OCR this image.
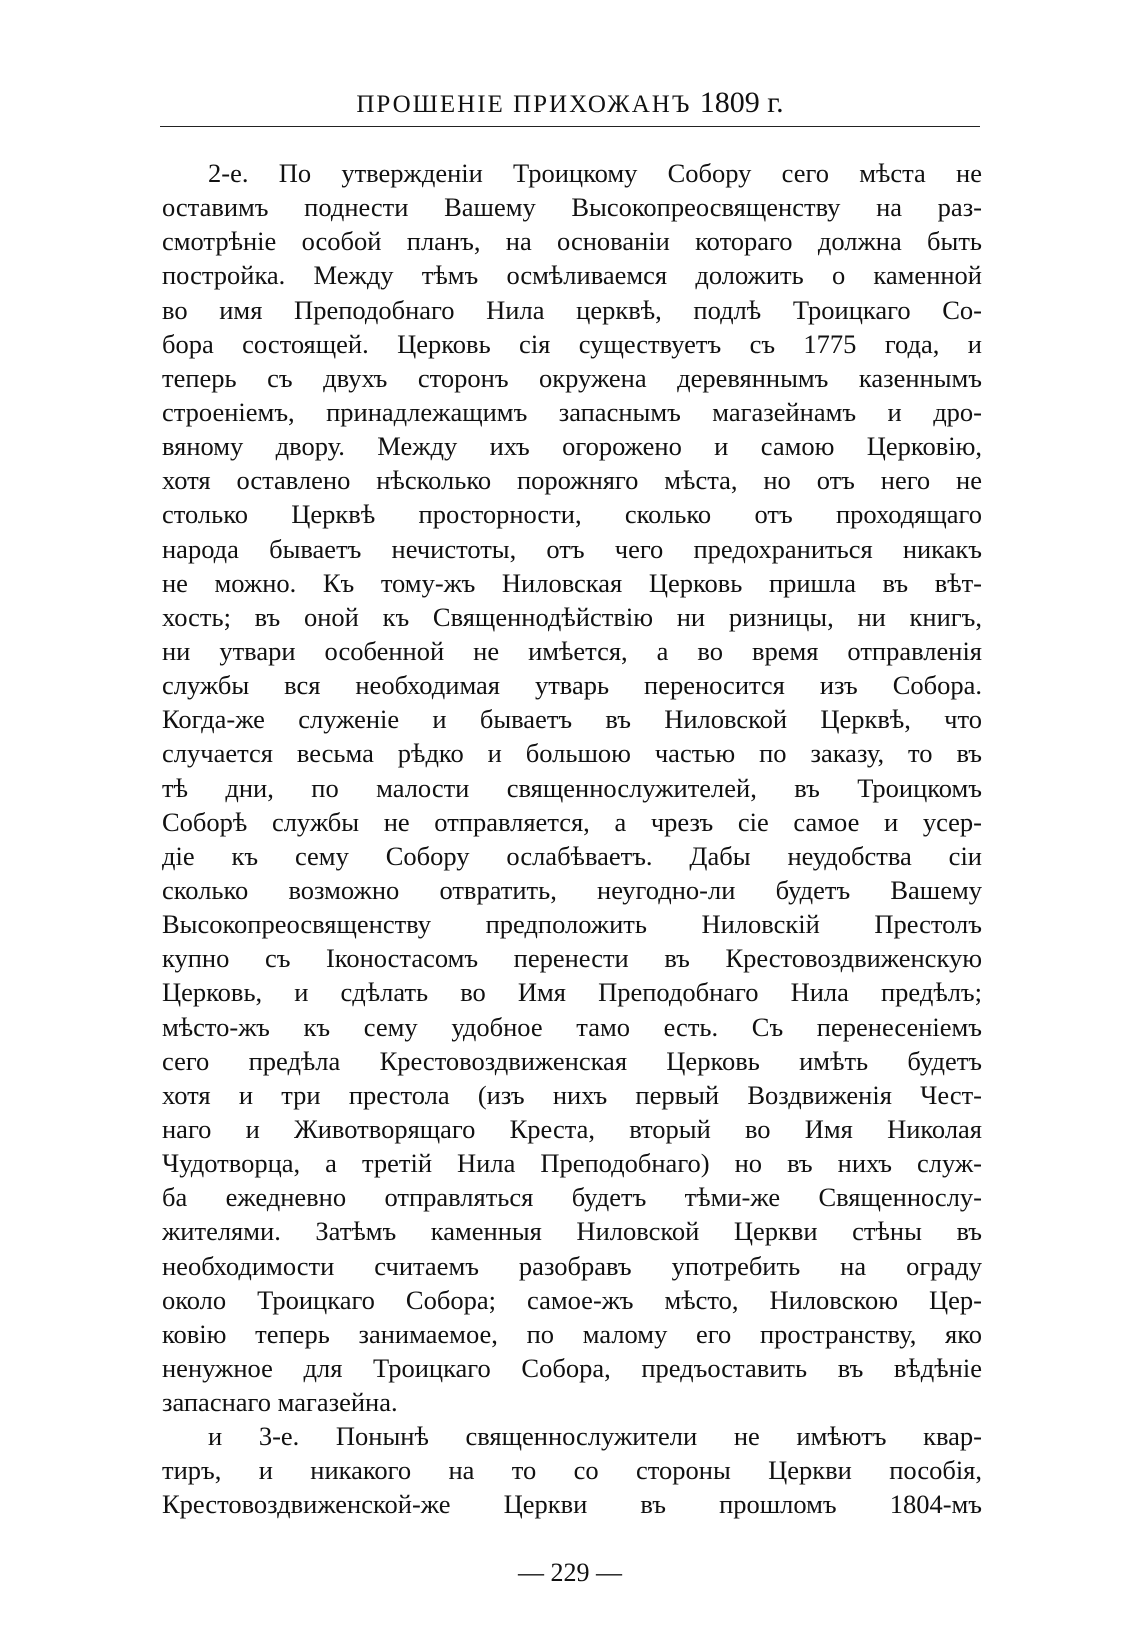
ПРОШЕНІЕ ПРИХОЖАНЪ 1809 г.
2-е. По утвержденіи Троицкому Собору сего мѣста не
оставимъ поднести Вашему Высокопреосвященству на раз-
смотрѣніе особой планъ, на основаніи котораго должна быть
постройка. Между тѣмъ осмѣливаемся доложить о каменной
во имя Преподобнаго Нила церквѣ, подлѣ Троицкаго Со-
бора состоящей. Церковь сія существуетъ съ 1775 года, и
теперь съ двухъ сторонъ окружена деревяннымъ казеннымъ
строеніемъ, принадлежащимъ запаснымъ магазейнамъ и дро-
вяному двору. Между ихъ огорожено и самою Церковію,
хотя оставлено нѣсколько порожняго мѣста, но отъ него не
столько Церквѣ просторности, сколько отъ проходящаго
народа бываетъ нечистоты, отъ чего предохраниться никакъ
не можно. Къ тому-жъ Ниловская Церковь пришла въ вѣт-
хость; въ оной къ Священнодѣйствію ни ризницы, ни книгъ,
ни утвари особенной не имѣется, а во время отправленія
службы вся необходимая утварь переносится изъ Собора.
Когда-же служеніе и бываетъ въ Ниловской Церквѣ, что
случается весьма рѣдко и большою частью по заказу, то въ
тѣ дни, по малости священнослужителей, въ Троицкомъ
Соборѣ службы не отправляется, а чрезъ сіе самое и усер-
діе къ сему Собору ослабѣваетъ. Дабы неудобства сіи
сколько возможно отвратить, неугодно-ли будетъ Вашему
Высокопреосвященству предположить Ниловскій Престолъ
купно съ Іконостасомъ перенести въ Крестовоздвиженскую
Церковь, и сдѣлать во Имя Преподобнаго Нила предѣлъ;
мѣсто-жъ къ сему удобное тамо есть. Съ перенесеніемъ
сего предѣла Крестовоздвиженская Церковь имѣть будетъ
хотя и три престола (изъ нихъ первый Воздвиженія Чест-
наго и Животворящаго Креста, вторый во Имя Николая
Чудотворца, а третій Нила Преподобнаго) но въ нихъ служ-
ба ежедневно отправляться будетъ тѣми-же Священнослу-
жителями. Затѣмъ каменныя Ниловской Церкви стѣны въ
необходимости считаемъ разобравъ употребить на ограду
около Троицкаго Собора; самое-жъ мѣсто, Ниловскою Цер-
ковію теперь занимаемое, по малому его пространству, яко
ненужное для Троицкаго Собора, предъоставить въ вѣдѣніе
запаснаго магазейна.
и 3-е. Понынѣ священнослужители не имѣютъ квар-
тиръ, и никакого на то со стороны Церкви пособія,
Крестовоздвиженской-же Церкви въ прошломъ 1804-мъ
— 229 —
